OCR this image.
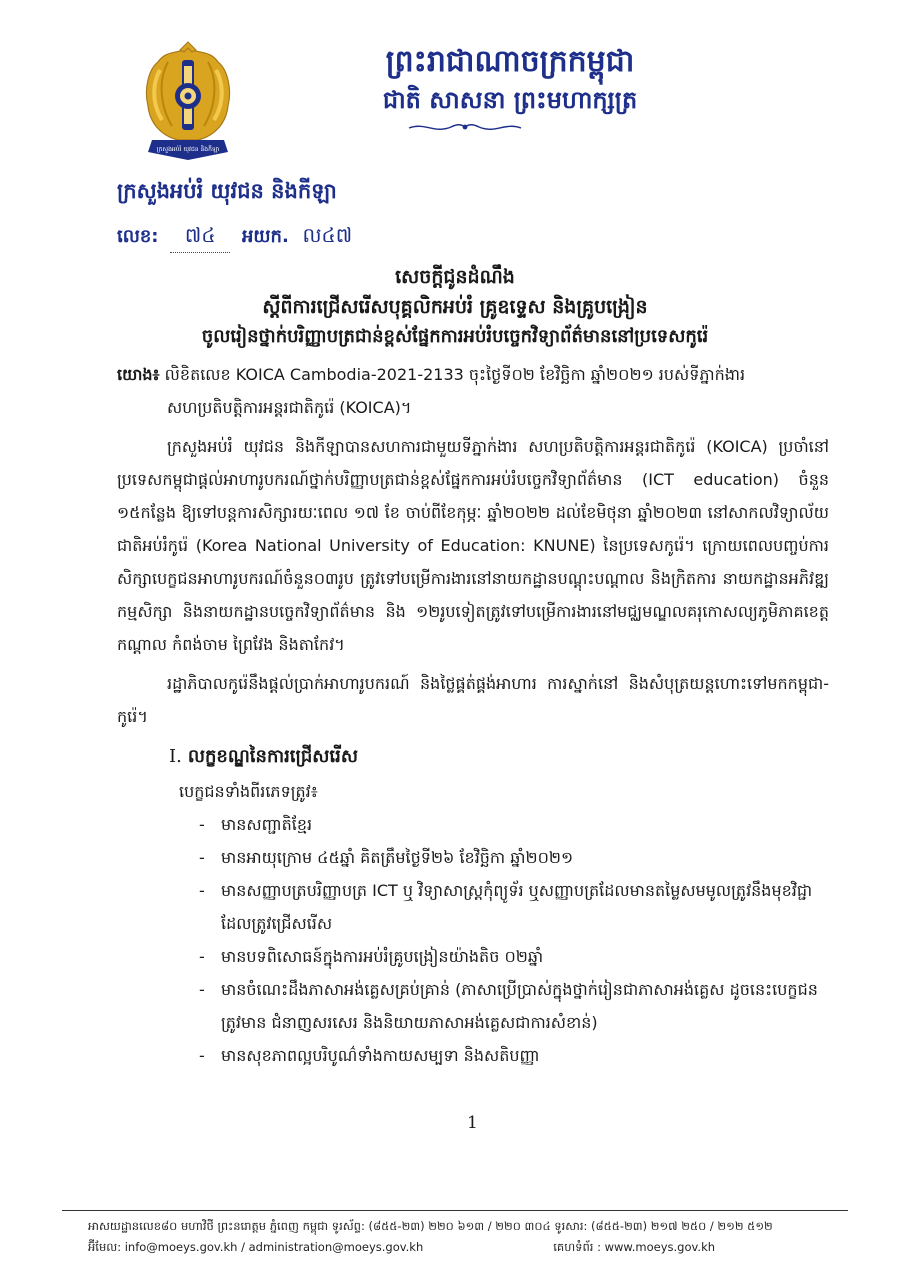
ក្រសួងអប់រំ យុវជន និងកីឡា
ព្រះរាជាណាចក្រកម្ពុជា
ជាតិ សាសនា ព្រះមហាក្សត្រ
ក្រសួងអប់រំ យុវជន និងកីឡា
លេខ: ៧៤ អយក. ល៤៧
សេចក្ដីជូនដំណឹង
ស្ដីពីការជ្រើសរើសបុគ្គលិកអប់រំ គ្រូឧទ្ទេស និងគ្រូបង្រៀន
ចូលរៀនថ្នាក់បរិញ្ញាបត្រជាន់ខ្ពស់ផ្នែកការអប់រំបច្ចេកវិទ្យាព័ត៌មាននៅប្រទេសកូរ៉េ
យោង៖ លិខិតលេខ KOICA Cambodia-2021-2133 ចុះថ្ងៃទី០២ ខែវិច្ឆិកា ឆ្នាំ២០២១ របស់ទីភ្នាក់ងារ
សហប្រតិបត្តិការអន្តរជាតិកូរ៉េ (KOICA)។

ក្រសួងអប់រំ យុវជន និងកីឡាបានសហការជាមួយទីភ្នាក់ងារ សហប្រតិបត្តិការអន្តរជាតិកូរ៉េ (KOICA) ប្រចាំនៅប្រទេសកម្ពុជាផ្ដល់អាហារូបករណ៍ថ្នាក់បរិញ្ញាបត្រជាន់ខ្ពស់ផ្នែកការអប់រំបច្ចេកវិទ្យាព័ត៌មាន (ICT education) ចំនួន ១៥កន្លែង ឱ្យទៅបន្តការសិក្សារយៈពេល ១៧ ខែ ចាប់ពីខែកុម្ភៈ ឆ្នាំ២០២២ ដល់ខែមិថុនា ឆ្នាំ២០២៣ នៅសាកលវិទ្យាល័យជាតិអប់រំកូរ៉េ (Korea National University of Education: KNUNE) នៃប្រទេសកូរ៉េ។ ក្រោយពេលបញ្ចប់ការសិក្សាបេក្ខជនអាហារូបករណ៍ចំនួន០៣រូប ត្រូវទៅបម្រើការងារនៅនាយកដ្ឋានបណ្ដុះបណ្ដាល និងក្រិតការ នាយកដ្ឋានអភិវឌ្ឍកម្មសិក្សា និងនាយកដ្ឋានបច្ចេកវិទ្យាព័ត៌មាន និង ១២រូបទៀតត្រូវទៅបម្រើការងារនៅមជ្ឈមណ្ឌលគរុកោសល្យភូមិភាគខេត្តកណ្ដាល កំពង់ចាម ព្រៃវែង និងតាកែវ។

រដ្ឋាភិបាលកូរ៉េនឹងផ្ដល់ប្រាក់អាហារូបករណ៍ និងថ្លៃផ្គត់ផ្គង់អាហារ ការស្នាក់នៅ និងសំបុត្រយន្តហោះទៅមកកម្ពុជា-កូរ៉េ។

I. លក្ខខណ្ឌនៃការជ្រើសរើស
បេក្ខជនទាំងពីរភេទត្រូវ៖
- មានសញ្ជាតិខ្មែរ
- មានអាយុក្រោម ៤៥ឆ្នាំ គិតត្រឹមថ្ងៃទី២៦ ខែវិច្ឆិកា ឆ្នាំ២០២១
- មានសញ្ញាបត្របរិញ្ញាបត្រ ICT ឬ វិទ្យាសាស្ត្រកុំព្យូទ័រ ឬសញ្ញាបត្រដែលមានតម្លៃសមមូលត្រូវនឹងមុខវិជ្ជាដែលត្រូវជ្រើសរើស
- មានបទពិសោធន៍ក្នុងការអប់រំគ្រូបង្រៀនយ៉ាងតិច ០២ឆ្នាំ
- មានចំណេះដឹងភាសាអង់គ្លេសគ្រប់គ្រាន់ (ភាសាប្រើប្រាស់ក្នុងថ្នាក់រៀនជាភាសាអង់គ្លេស ដូចនេះបេក្ខជនត្រូវមាន ជំនាញសរសេរ និងនិយាយភាសាអង់គ្លេសជាការសំខាន់)
- មានសុខភាពល្អបរិបូណ៌ទាំងកាយសម្បទា និងសតិបញ្ញា
1
អាសយដ្ឋានលេខ៨០ មហាវិថី ព្រះនរោត្តម ភ្នំពេញ កម្ពុជា ទូរស័ព្ទ: (៨៥៥-២៣) ២២០ ៦១៣ / ២២០ ៣០៤ ទូរសារ: (៨៥៥-២៣) ២១៧ ២៥០ / ២១២ ៥១២
អ៊ីមែល: info@moeys.gov.kh / administration@moeys.gov.kh	គេហទំព័រ : www.moeys.gov.kh
